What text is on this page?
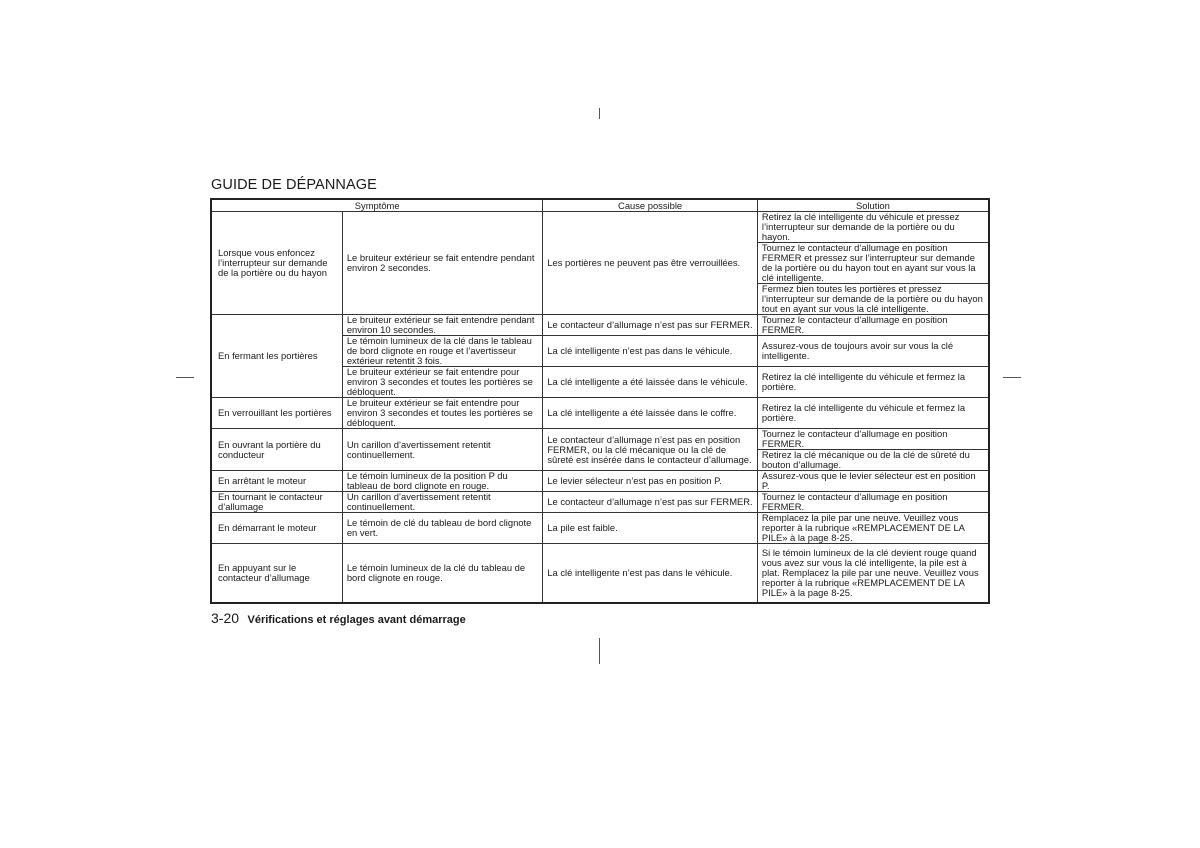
GUIDE DE DÉPANNAGE
Symptôme		Cause possible	Solution
Lorsque vous enfoncez l’interrupteur sur demande de la portière ou du hayon	Le bruiteur extérieur se fait entendre pendant environ 2 secondes.	Les portières ne peuvent pas être verrouillées.	Retirez la clé intelligente du véhicule et pressez l’interrupteur sur demande de la portière ou du hayon.
			Tournez le contacteur d’allumage en position FERMER et pressez sur l’interrupteur sur demande de la portière ou du hayon tout en ayant sur vous la clé intelligente.
			Fermez bien toutes les portières et pressez l’interrupteur sur demande de la portière ou du hayon tout en ayant sur vous la clé intelligente.
En fermant les portières	Le bruiteur extérieur se fait entendre pendant environ 10 secondes.	Le contacteur d’allumage n’est pas sur FERMER.	Tournez le contacteur d’allumage en position FERMER.
	Le témoin lumineux de la clé dans le tableau de bord clignote en rouge et l’avertisseur extérieur retentit 3 fois.	La clé intelligente n’est pas dans le véhicule.	Assurez-vous de toujours avoir sur vous la clé intelligente.
	Le bruiteur extérieur se fait entendre pour environ 3 secondes et toutes les portières se débloquent.	La clé intelligente a été laissée dans le véhicule.	Retirez la clé intelligente du véhicule et fermez la portière.
En verrouillant les portières	Le bruiteur extérieur se fait entendre pour environ 3 secondes et toutes les portières se débloquent.	La clé intelligente a été laissée dans le coffre.	Retirez la clé intelligente du véhicule et fermez la portière.
En ouvrant la portière du conducteur	Un carillon d’avertissement retentit continuellement.	Le contacteur d’allumage n’est pas en position FERMER, ou la clé mécanique ou la clé de sûreté est insérée dans le contacteur d’allumage.	Tournez le contacteur d’allumage en position FERMER.
			Retirez la clé mécanique ou de la clé de sûreté du bouton d’allumage.
En arrêtant le moteur	Le témoin lumineux de la position P du tableau de bord clignote en rouge.	Le levier sélecteur n’est pas en position P.	Assurez-vous que le levier sélecteur est en position P.
En tournant le contacteur d’allumage	Un carillon d’avertissement retentit continuellement.	Le contacteur d’allumage n’est pas sur FERMER.	Tournez le contacteur d’allumage en position FERMER.
En démarrant le moteur	Le témoin de clé du tableau de bord clignote en vert.	La pile est faible.	Remplacez la pile par une neuve. Veuillez vous reporter à la rubrique «REMPLACEMENT DE LA PILE» à la page 8-25.
En appuyant sur le contacteur d’allumage	Le témoin lumineux de la clé du tableau de bord clignote en rouge.	La clé intelligente n’est pas dans le véhicule.	Si le témoin lumineux de la clé devient rouge quand vous avez sur vous la clé intelligente, la pile est à plat. Remplacez la pile par une neuve. Veuillez vous reporter à la rubrique «REMPLACEMENT DE LA PILE» à la page 8-25.
3-20 Vérifications et réglages avant démarrage
